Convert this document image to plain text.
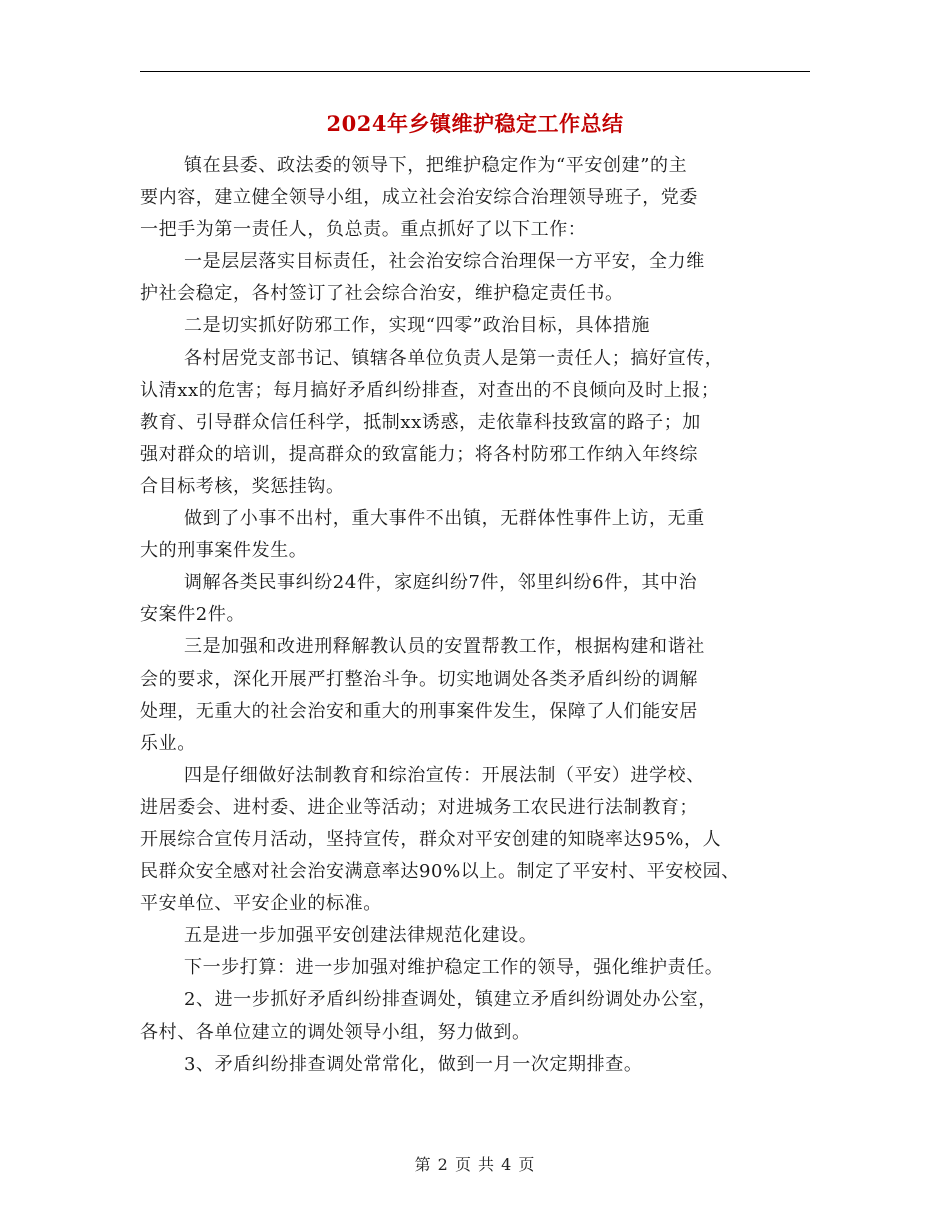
2024年乡镇维护稳定工作总结
镇在县委、政法委的领导下，把维护稳定作为“平安创建”的主
要内容，建立健全领导小组，成立社会治安综合治理领导班子，党委
一把手为第一责任人，负总责。重点抓好了以下工作：
一是层层落实目标责任，社会治安综合治理保一方平安，全力维
护社会稳定，各村签订了社会综合治安，维护稳定责任书。
二是切实抓好防邪工作，实现“四零”政治目标，具体措施
各村居党支部书记、镇辖各单位负责人是第一责任人；搞好宣传，
认清xx的危害；每月搞好矛盾纠纷排查，对查出的不良倾向及时上报；
教育、引导群众信任科学，抵制xx诱惑，走依靠科技致富的路子；加
强对群众的培训，提高群众的致富能力；将各村防邪工作纳入年终综
合目标考核，奖惩挂钩。
做到了小事不出村，重大事件不出镇，无群体性事件上访，无重
大的刑事案件发生。
调解各类民事纠纷24件，家庭纠纷7件，邻里纠纷6件，其中治
安案件2件。
三是加强和改进刑释解教认员的安置帮教工作，根据构建和谐社
会的要求，深化开展严打整治斗争。切实地调处各类矛盾纠纷的调解
处理，无重大的社会治安和重大的刑事案件发生，保障了人们能安居
乐业。
四是仔细做好法制教育和综治宣传：开展法制（平安）进学校、
进居委会、进村委、进企业等活动；对进城务工农民进行法制教育；
开展综合宣传月活动，坚持宣传，群众对平安创建的知晓率达95%，人
民群众安全感对社会治安满意率达90%以上。制定了平安村、平安校园、
平安单位、平安企业的标准。
五是进一步加强平安创建法律规范化建设。
下一步打算：进一步加强对维护稳定工作的领导，强化维护责任。
2、进一步抓好矛盾纠纷排查调处，镇建立矛盾纠纷调处办公室，
各村、各单位建立的调处领导小组，努力做到。
3、矛盾纠纷排查调处常常化，做到一月一次定期排查。
第 2 页 共 4 页
